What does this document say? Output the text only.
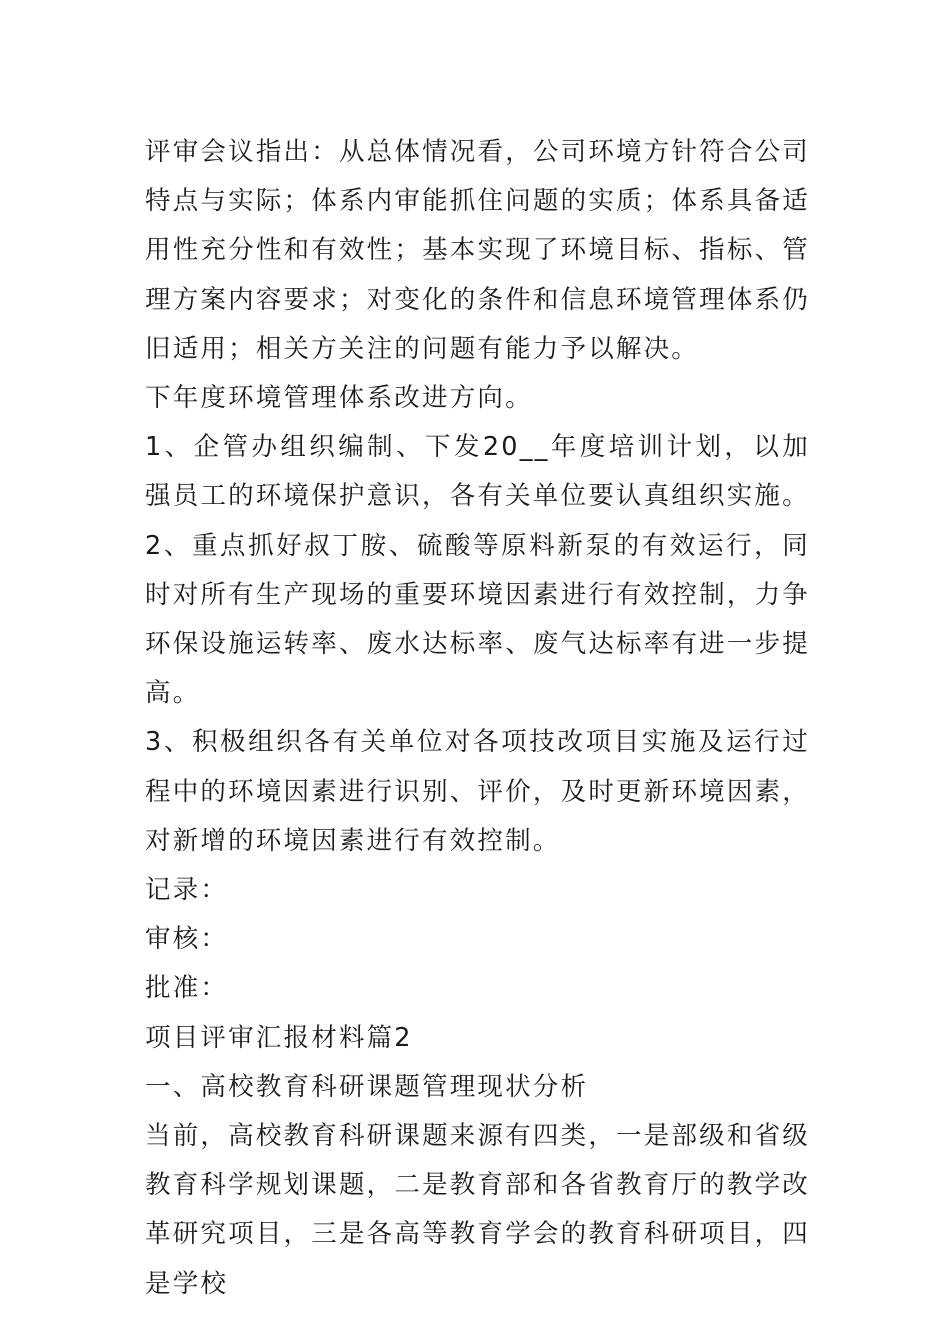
评审会议指出：从总体情况看，公司环境方针符合公司特点与实际；体系内审能抓住问题的实质；体系具备适用性充分性和有效性；基本实现了环境目标、指标、管理方案内容要求；对变化的条件和信息环境管理体系仍旧适用；相关方关注的问题有能力予以解决。

下年度环境管理体系改进方向。

1、企管办组织编制、下发20__年度培训计划，以加强员工的环境保护意识，各有关单位要认真组织实施。

2、重点抓好叔丁胺、硫酸等原料新泵的有效运行，同时对所有生产现场的重要环境因素进行有效控制，力争环保设施运转率、废水达标率、废气达标率有进一步提高。

3、积极组织各有关单位对各项技改项目实施及运行过程中的环境因素进行识别、评价，及时更新环境因素，对新增的环境因素进行有效控制。

记录：

审核：

批准：

项目评审汇报材料篇2

一、高校教育科研课题管理现状分析

当前，高校教育科研课题来源有四类，一是部级和省级教育科学规划课题，二是教育部和各省教育厅的教学改革研究项目，三是各高等教育学会的教育科研项目，四是学校
